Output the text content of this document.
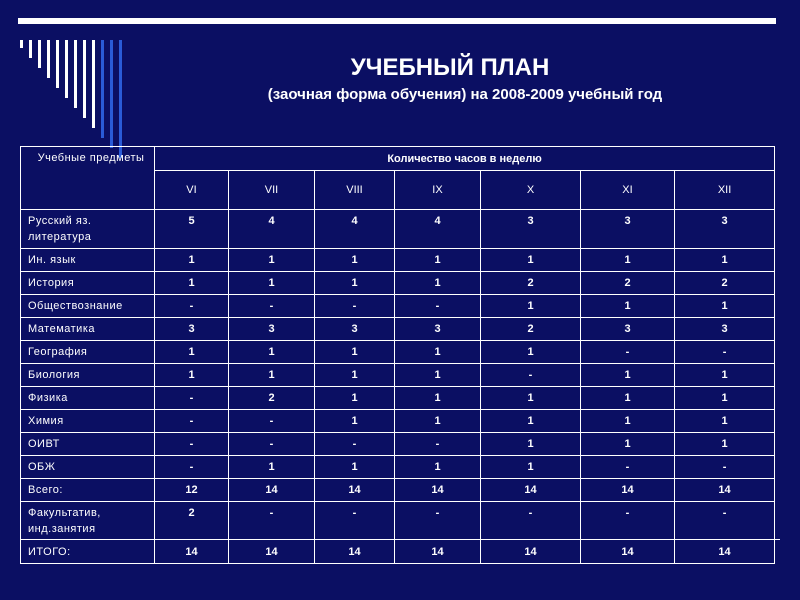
УЧЕБНЫЙ ПЛАН
(заочная форма обучения) на 2008-2009 учебный год
Учебные предметы	Количество часов в неделю						
	VI	VII	VIII	IX	X	XI	XII
Русский яз. литература	5	4	4	4	3	3	3
Ин. язык	1	1	1	1	1	1	1
История	1	1	1	1	2	2	2
Обществознание	-	-	-	-	1	1	1
Математика	3	3	3	3	2	3	3
География	1	1	1	1	1	-	-
Биология	1	1	1	1	-	1	1
Физика	-	2	1	1	1	1	1
Химия	-	-	1	1	1	1	1
ОИВТ	-	-	-	-	1	1	1
ОБЖ	-	1	1	1	1	-	-
Всего:	12	14	14	14	14	14	14
Факультатив, инд.занятия	2	-	-	-	-	-	-
ИТОГО:	14	14	14	14	14	14	14
